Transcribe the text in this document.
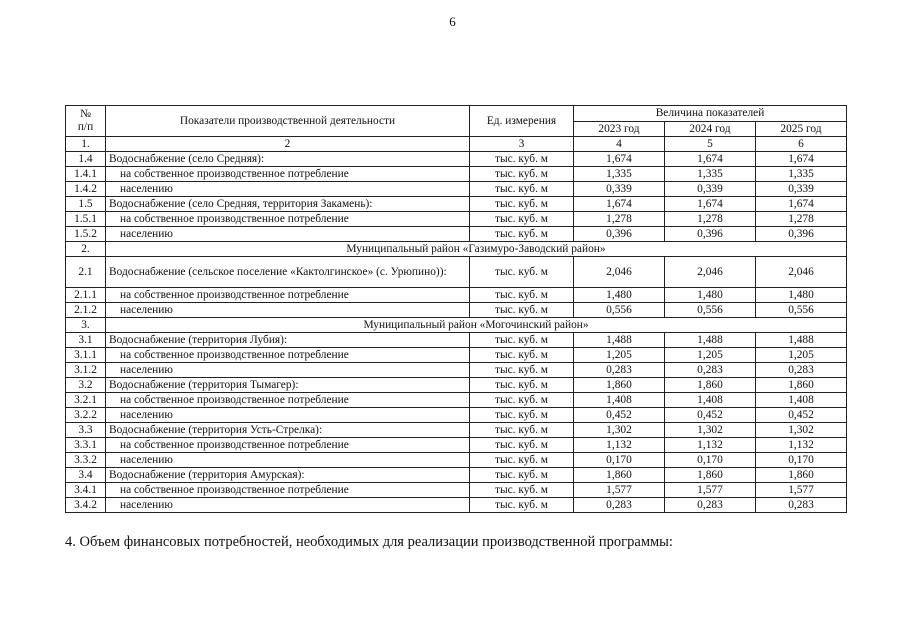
6
№
п/п	Показатели производственной деятельности	Ед. измерения	Величина показателей		
			2023 год	2024 год	2025 год
1.	2	3	4	5	6
1.4	Водоснабжение (село Средняя):	тыс. куб. м	1,674	1,674	1,674
1.4.1	на собственное производственное потребление	тыс. куб. м	1,335	1,335	1,335
1.4.2	населению	тыс. куб. м	0,339	0,339	0,339
1.5	Водоснабжение (село Средняя, территория Закамень):	тыс. куб. м	1,674	1,674	1,674
1.5.1	на собственное производственное потребление	тыс. куб. м	1,278	1,278	1,278
1.5.2	населению	тыс. куб. м	0,396	0,396	0,396
2.	Муниципальный район «Газимуро-Заводский район»				
2.1	Водоснабжение (сельское поселение «Кактолгинское» (с. Урюпино)):	тыс. куб. м	2,046	2,046	2,046
2.1.1	на собственное производственное потребление	тыс. куб. м	1,480	1,480	1,480
2.1.2	населению	тыс. куб. м	0,556	0,556	0,556
3.	Муниципальный район «Могочинский район»				
3.1	Водоснабжение (территория Лубия):	тыс. куб. м	1,488	1,488	1,488
3.1.1	на собственное производственное потребление	тыс. куб. м	1,205	1,205	1,205
3.1.2	населению	тыс. куб. м	0,283	0,283	0,283
3.2	Водоснабжение (территория Тымагер):	тыс. куб. м	1,860	1,860	1,860
3.2.1	на собственное производственное потребление	тыс. куб. м	1,408	1,408	1,408
3.2.2	населению	тыс. куб. м	0,452	0,452	0,452
3.3	Водоснабжение (территория Усть-Стрелка):	тыс. куб. м	1,302	1,302	1,302
3.3.1	на собственное производственное потребление	тыс. куб. м	1,132	1,132	1,132
3.3.2	населению	тыс. куб. м	0,170	0,170	0,170
3.4	Водоснабжение (территория Амурская):	тыс. куб. м	1,860	1,860	1,860
3.4.1	на собственное производственное потребление	тыс. куб. м	1,577	1,577	1,577
3.4.2	населению	тыс. куб. м	0,283	0,283	0,283
4. Объем финансовых потребностей, необходимых для реализации производственной программы:
